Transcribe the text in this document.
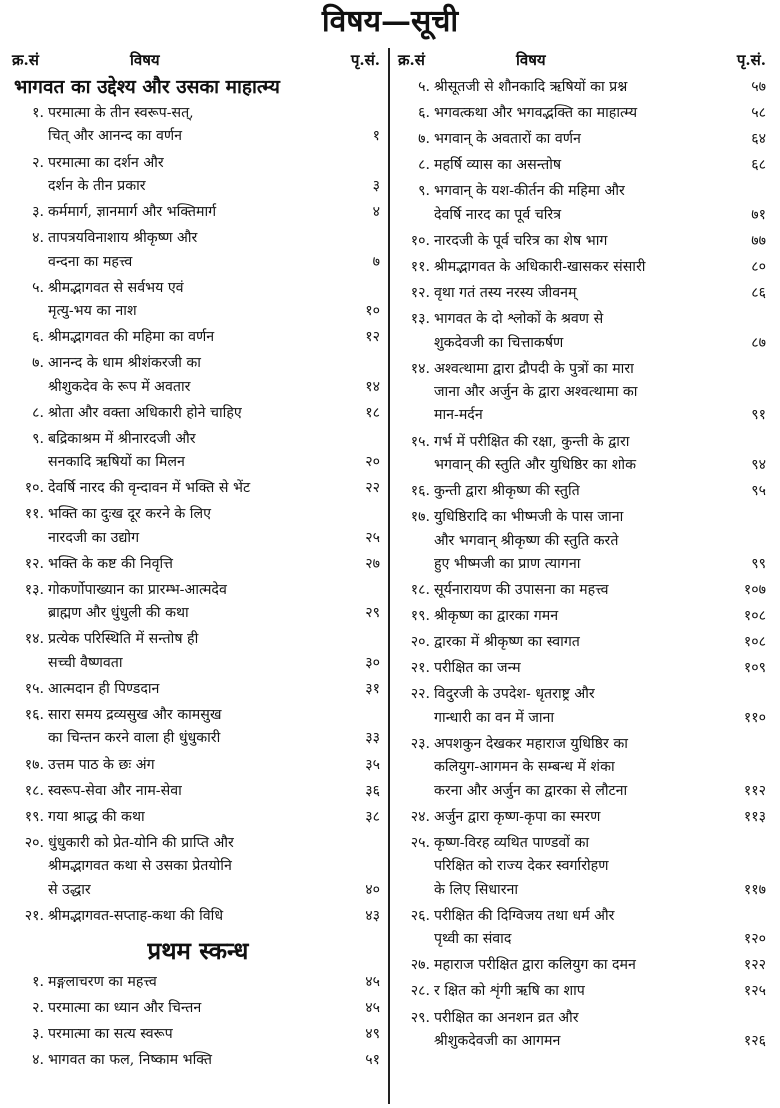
विषय—सूची
क्र.सं	विषय	पृ.सं.
भागवत का उद्देश्य और उसका माहात्म्य
१. परमात्मा के तीन स्वरूप-सत्,
चित् और आनन्द का वर्णन	१
२. परमात्मा का दर्शन और
दर्शन के तीन प्रकार	३
३. कर्ममार्ग, ज्ञानमार्ग और भक्तिमार्ग	४
४. तापत्रयविनाशाय श्रीकृष्ण और
वन्दना का महत्त्व	७
५. श्रीमद्भागवत से सर्वभय एवं
मृत्यु-भय का नाश	१०
६. श्रीमद्भागवत की महिमा का वर्णन	१२
७. आनन्द के धाम श्रीशंकरजी का
श्रीशुकदेव के रूप में अवतार	१४
८. श्रोता और वक्ता अधिकारी होने चाहिए	१८
९. बद्रिकाश्रम में श्रीनारदजी और
सनकादि ऋषियों का मिलन	२०
१०. देवर्षि नारद की वृन्दावन में भक्ति से भेंट	२२
११. भक्ति का दुःख दूर करने के लिए
नारदजी का उद्योग	२५
१२. भक्ति के कष्ट की निवृत्ति	२७
१३. गोकर्णोपाख्यान का प्रारम्भ-आत्मदेव
ब्राह्मण और धुंधुली की कथा	२९
१४. प्रत्येक परिस्थिति में सन्तोष ही
सच्ची वैष्णवता	३०
१५. आत्मदान ही पिण्डदान	३१
१६. सारा समय द्रव्यसुख और कामसुख
का चिन्तन करने वाला ही धुंधुकारी	३३
१७. उत्तम पाठ के छः अंग	३५
१८. स्वरूप-सेवा और नाम-सेवा	३६
१९. गया श्राद्ध की कथा	३८
२०. धुंधुकारी को प्रेत-योनि की प्राप्ति और
श्रीमद्भागवत कथा से उसका प्रेतयोनि
से उद्धार	४०
२१. श्रीमद्भागवत-सप्ताह-कथा की विधि	४३
प्रथम स्कन्ध
१. मङ्गलाचरण का महत्त्व	४५
२. परमात्मा का ध्यान और चिन्तन	४५
३. परमात्मा का सत्य स्वरूप	४९
४. भागवत का फल, निष्काम भक्ति	५१
क्र.सं	विषय	पृ.सं.
५. श्रीसूतजी से शौनकादि ऋषियों का प्रश्न	५७
६. भगवत्कथा और भगवद्भक्ति का माहात्म्य	५८
७. भगवान् के अवतारों का वर्णन	६४
८. महर्षि व्यास का असन्तोष	६८
९. भगवान् के यश-कीर्तन की महिमा और
देवर्षि नारद का पूर्व चरित्र	७१
१०. नारदजी के पूर्व चरित्र का शेष भाग	७७
११. श्रीमद्भागवत के अधिकारी-खासकर संसारी	८०
१२. वृथा गतं तस्य नरस्य जीवनम्	८६
१३. भागवत के दो श्लोकों के श्रवण से
शुकदेवजी का चित्ताकर्षण	८७
१४. अश्वत्थामा द्वारा द्रौपदी के पुत्रों का मारा
जाना और अर्जुन के द्वारा अश्वत्थामा का
मान-मर्दन	९१
१५. गर्भ में परीक्षित की रक्षा, कुन्ती के द्वारा
भगवान् की स्तुति और युधिष्ठिर का शोक	९४
१६. कुन्ती द्वारा श्रीकृष्ण की स्तुति	९५
१७. युधिष्ठिरादि का भीष्मजी के पास जाना
और भगवान् श्रीकृष्ण की स्तुति करते
हुए भीष्मजी का प्राण त्यागना	९९
१८. सूर्यनारायण की उपासना का महत्त्व	१०७
१९. श्रीकृष्ण का द्वारका गमन	१०८
२०. द्वारका में श्रीकृष्ण का स्वागत	१०८
२१. परीक्षित का जन्म	१०९
२२. विदुरजी के उपदेश- धृतराष्ट्र और
गान्धारी का वन में जाना	११०
२३. अपशकुन देखकर महाराज युधिष्ठिर का
कलियुग-आगमन के सम्बन्ध में शंका
करना और अर्जुन का द्वारका से लौटना	११२
२४. अर्जुन द्वारा कृष्ण-कृपा का स्मरण	११३
२५. कृष्ण-विरह व्यथित पाण्डवों का
परिक्षित को राज्य देकर स्वर्गारोहण
के लिए सिधारना	११७
२६. परीक्षित की दिग्विजय तथा धर्म और
पृथ्वी का संवाद	१२०
२७. महाराज परीक्षित द्वारा कलियुग का दमन	१२२
२८. र क्षित को शृंगी ऋषि का शाप	१२५
२९. परीक्षित का अनशन व्रत और
श्रीशुकदेवजी का आगमन	१२६
